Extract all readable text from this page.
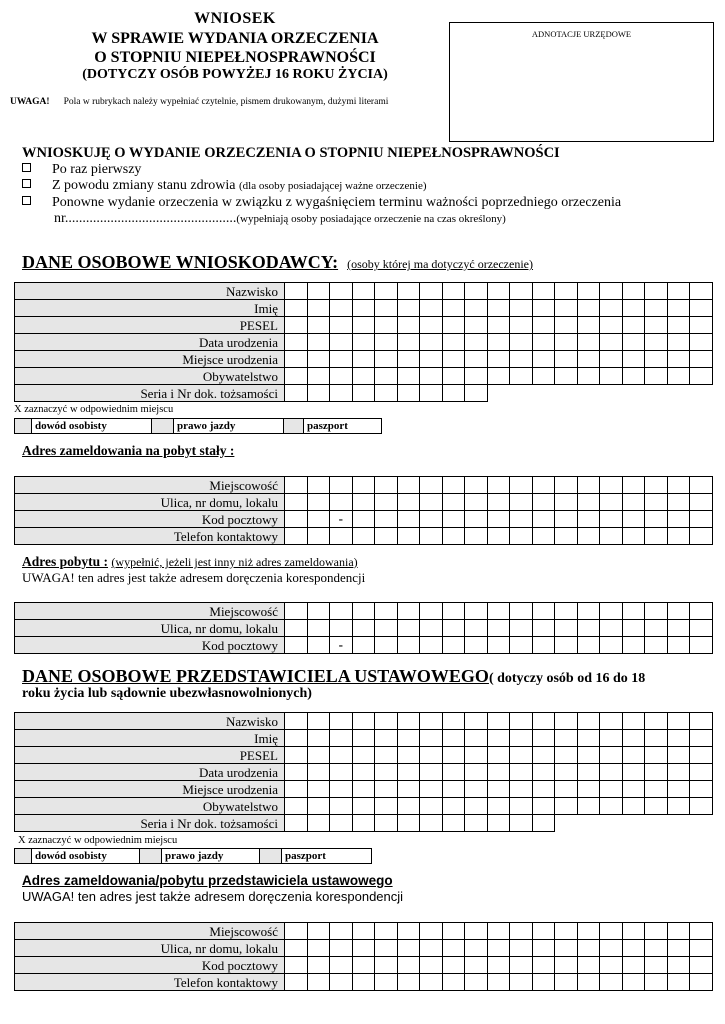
WNIOSEK
W SPRAWIE WYDANIA ORZECZENIA
O STOPNIU NIEPEŁNOSPRAWNOŚCI
(DOTYCZY OSÓB POWYŻEJ 16 ROKU ŻYCIA)
ADNOTACJE URZĘDOWE
UWAGA! Pola w rubrykach należy wypełniać czytelnie, pismem drukowanym, dużymi literami
WNIOSKUJĘ O WYDANIE ORZECZENIA O STOPNIU NIEPEŁNOSPRAWNOŚCI
Po raz pierwszy
Z powodu zmiany stanu zdrowia (dla osoby posiadającej ważne orzeczenie)
Ponowne wydanie orzeczenia w związku z wygaśnięciem terminu ważności poprzedniego orzeczenia
nr.................................................(wypełniają osoby posiadające orzeczenie na czas określony)
DANE OSOBOWE WNIOSKODAWCY: (osoby której ma dotyczyć orzeczenie)
Nazwisko																			
Imię																			
PESEL																			
Data urodzenia																			
Miejsce urodzenia																			
Obywatelstwo																			
Seria i Nr dok. tożsamości																			
X zaznaczyć w odpowiednim miejscu
	dowód osobisty		prawo jazdy		paszport
Adres zameldowania na pobyt stały :
Miejscowość																			
Ulica, nr domu, lokalu																			
Kod pocztowy			-																
Telefon kontaktowy																			
Adres pobytu : (wypełnić, jeżeli jest inny niż adres zameldowania)
UWAGA! ten adres jest także adresem doręczenia korespondencji
Miejscowość																			
Ulica, nr domu, lokalu																			
Kod pocztowy			-																
DANE OSOBOWE PRZEDSTAWICIELA USTAWOWEGO( dotyczy osób od 16 do 18
roku życia lub sądownie ubezwłasnowolnionych)
Nazwisko																			
Imię																			
PESEL																			
Data urodzenia																			
Miejsce urodzenia																			
Obywatelstwo																			
Seria i Nr dok. tożsamości																			
X zaznaczyć w odpowiednim miejscu
	dowód osobisty		prawo jazdy		paszport
Adres zameldowania/pobytu przedstawiciela ustawowego
UWAGA! ten adres jest także adresem doręczenia korespondencji
Miejscowość																			
Ulica, nr domu, lokalu																			
Kod pocztowy																			
Telefon kontaktowy																			
